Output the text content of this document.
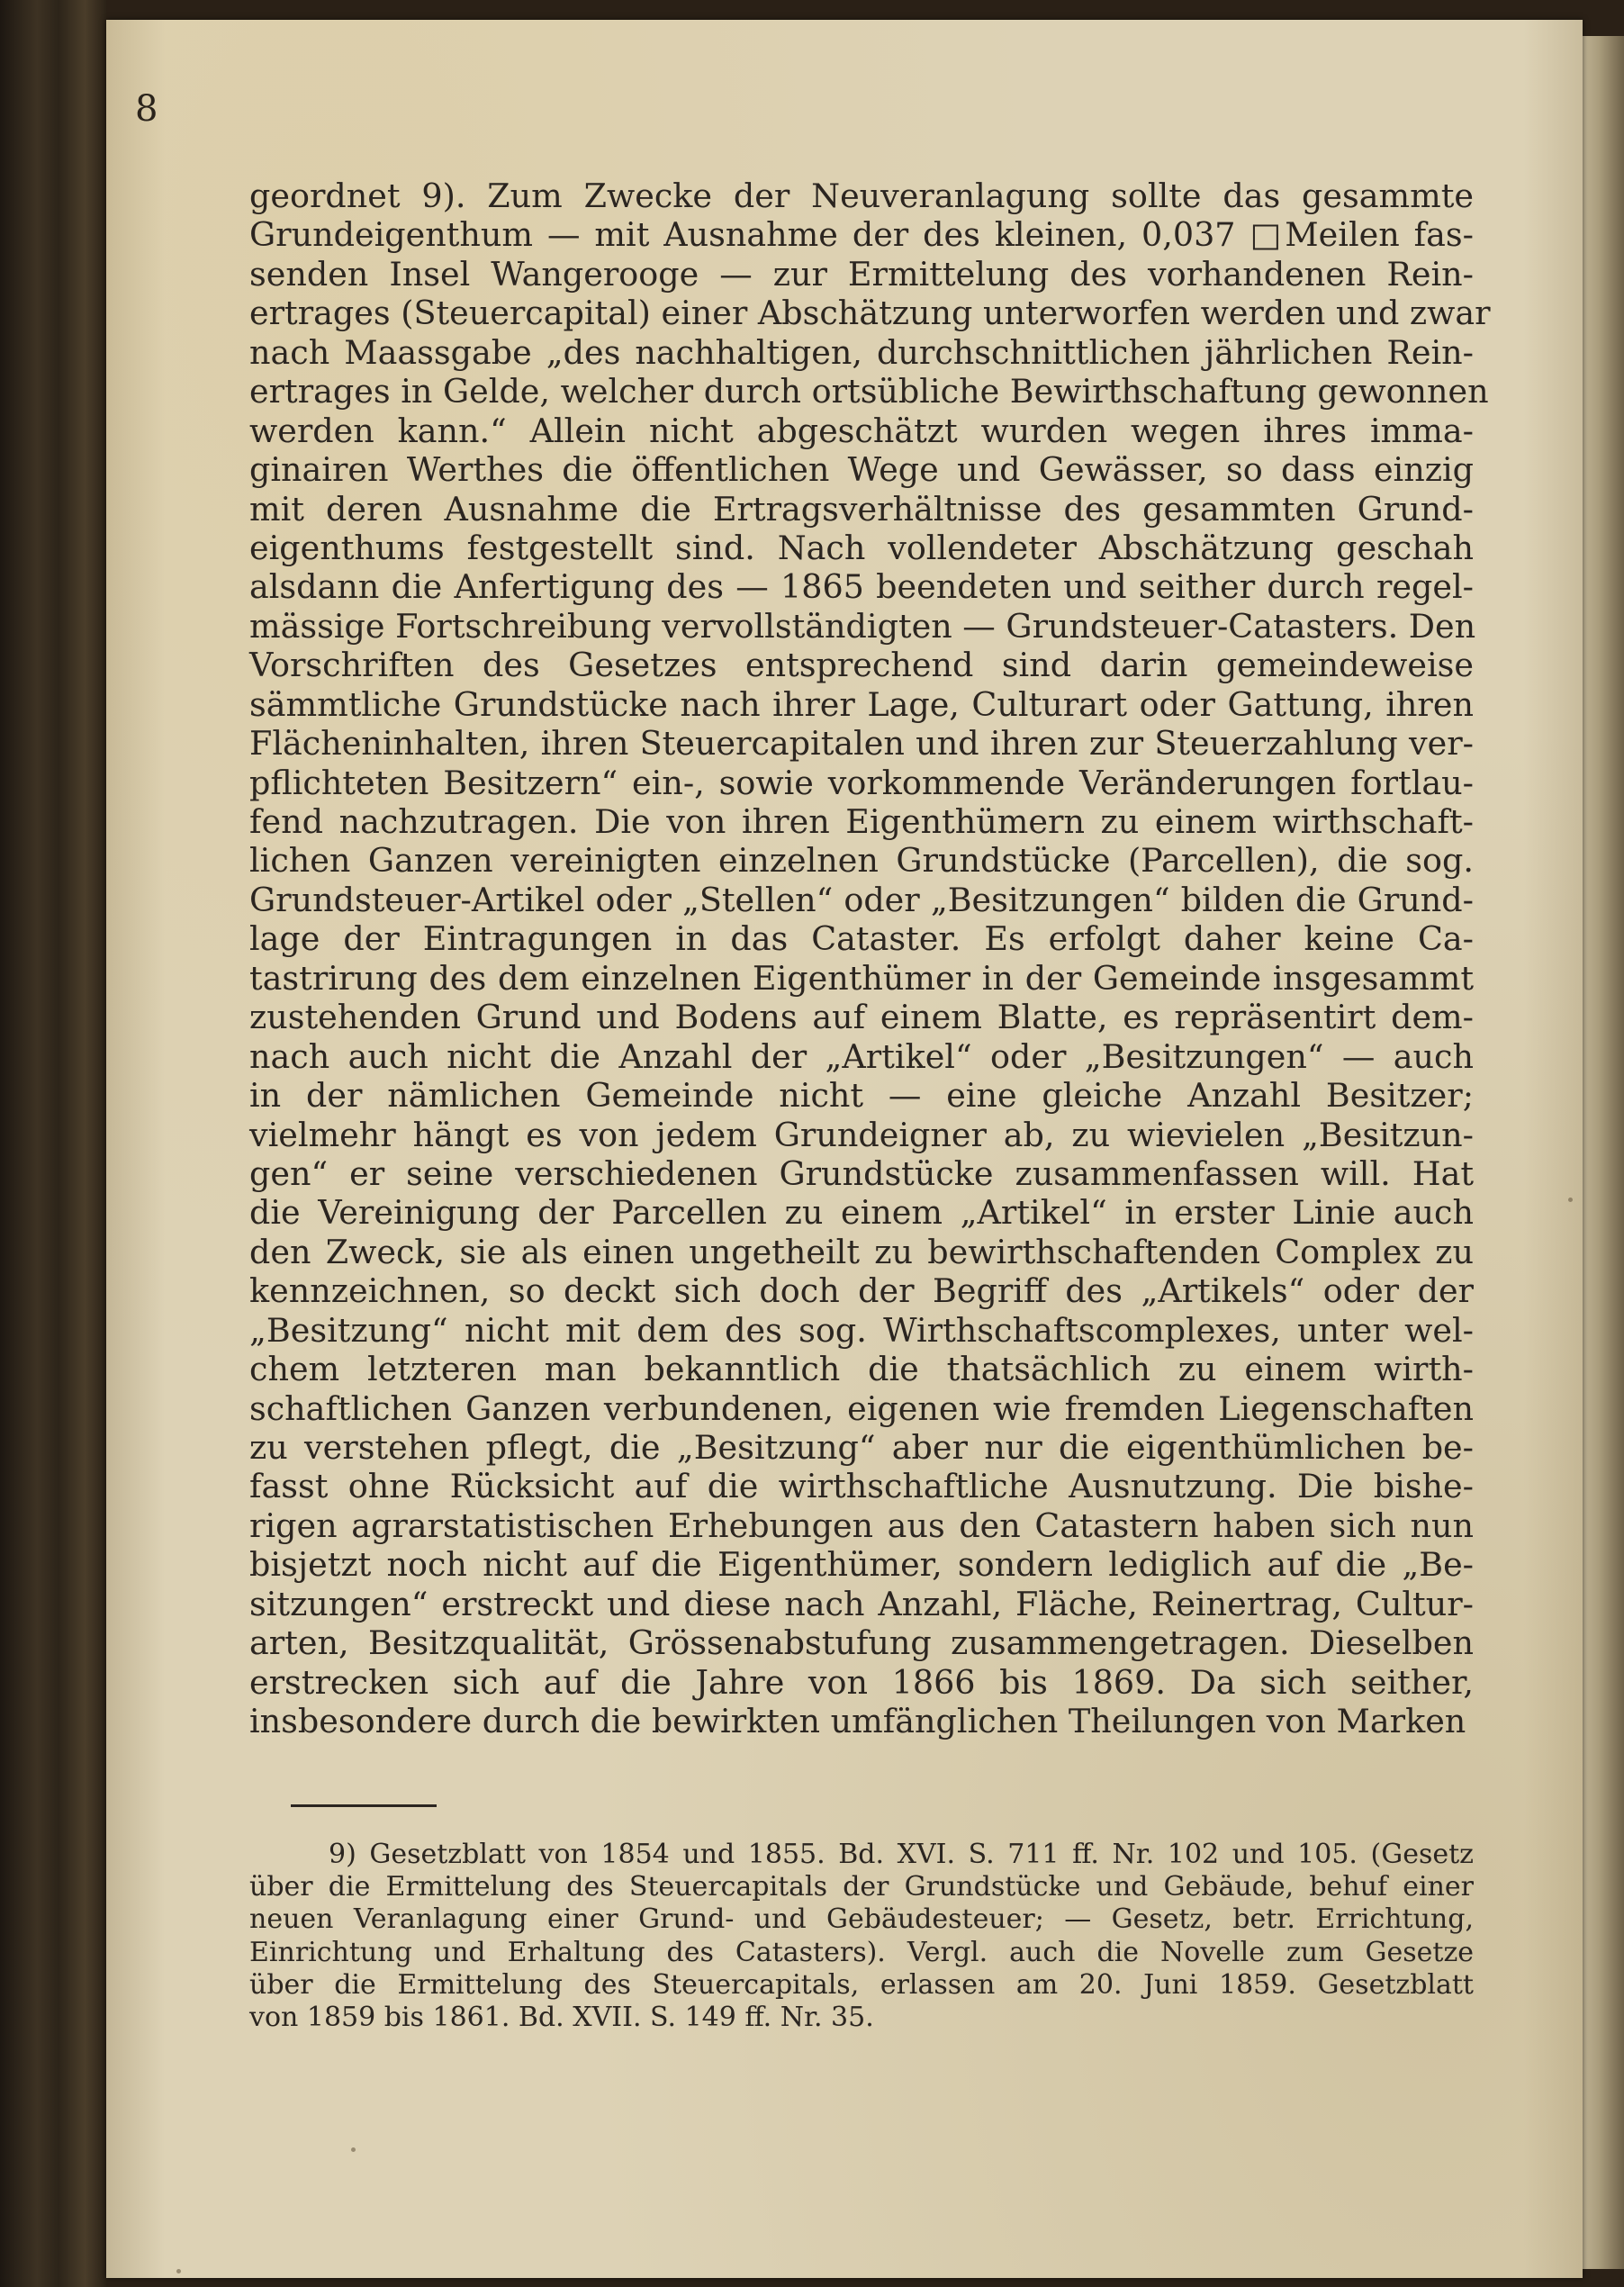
8
geordnet 9). Zum Zwecke der Neuveranlagung sollte das gesammte
Grundeigenthum — mit Ausnahme der des kleinen, 0,037 □Meilen fas-
senden Insel Wangerooge — zur Ermittelung des vorhandenen Rein-
ertrages (Steuercapital) einer Abschätzung unterworfen werden und zwar
nach Maassgabe „des nachhaltigen, durchschnittlichen jährlichen Rein-
ertrages in Gelde, welcher durch ortsübliche Bewirthschaftung gewonnen
werden kann.“ Allein nicht abgeschätzt wurden wegen ihres imma-
ginairen Werthes die öffentlichen Wege und Gewässer, so dass einzig
mit deren Ausnahme die Ertragsverhältnisse des gesammten Grund-
eigenthums festgestellt sind. Nach vollendeter Abschätzung geschah
alsdann die Anfertigung des — 1865 beendeten und seither durch regel-
mässige Fortschreibung vervollständigten — Grundsteuer-Catasters. Den
Vorschriften des Gesetzes entsprechend sind darin gemeindeweise
sämmtliche Grundstücke nach ihrer Lage, Culturart oder Gattung, ihren
Flächeninhalten, ihren Steuercapitalen und ihren zur Steuerzahlung ver-
pflichteten Besitzern“ ein-, sowie vorkommende Veränderungen fortlau-
fend nachzutragen. Die von ihren Eigenthümern zu einem wirthschaft-
lichen Ganzen vereinigten einzelnen Grundstücke (Parcellen), die sog.
Grundsteuer-Artikel oder „Stellen“ oder „Besitzungen“ bilden die Grund-
lage der Eintragungen in das Cataster. Es erfolgt daher keine Ca-
tastrirung des dem einzelnen Eigenthümer in der Gemeinde insgesammt
zustehenden Grund und Bodens auf einem Blatte, es repräsentirt dem-
nach auch nicht die Anzahl der „Artikel“ oder „Besitzungen“ — auch
in der nämlichen Gemeinde nicht — eine gleiche Anzahl Besitzer;
vielmehr hängt es von jedem Grundeigner ab, zu wievielen „Besitzun-
gen“ er seine verschiedenen Grundstücke zusammenfassen will. Hat
die Vereinigung der Parcellen zu einem „Artikel“ in erster Linie auch
den Zweck, sie als einen ungetheilt zu bewirthschaftenden Complex zu
kennzeichnen, so deckt sich doch der Begriff des „Artikels“ oder der
„Besitzung“ nicht mit dem des sog. Wirthschaftscomplexes, unter wel-
chem letzteren man bekanntlich die thatsächlich zu einem wirth-
schaftlichen Ganzen verbundenen, eigenen wie fremden Liegenschaften
zu verstehen pflegt, die „Besitzung“ aber nur die eigenthümlichen be-
fasst ohne Rücksicht auf die wirthschaftliche Ausnutzung. Die bishe-
rigen agrarstatistischen Erhebungen aus den Catastern haben sich nun
bisjetzt noch nicht auf die Eigenthümer, sondern lediglich auf die „Be-
sitzungen“ erstreckt und diese nach Anzahl, Fläche, Reinertrag, Cultur-
arten, Besitzqualität, Grössenabstufung zusammengetragen. Dieselben
erstrecken sich auf die Jahre von 1866 bis 1869. Da sich seither,
insbesondere durch die bewirkten umfänglichen Theilungen von Marken
9) Gesetzblatt von 1854 und 1855. Bd. XVI. S. 711 ff. Nr. 102 und 105. (Gesetz
über die Ermittelung des Steuercapitals der Grundstücke und Gebäude, behuf einer
neuen Veranlagung einer Grund- und Gebäudesteuer; — Gesetz, betr. Errichtung,
Einrichtung und Erhaltung des Catasters). Vergl. auch die Novelle zum Gesetze
über die Ermittelung des Steuercapitals, erlassen am 20. Juni 1859. Gesetzblatt
von 1859 bis 1861. Bd. XVII. S. 149 ff. Nr. 35.
